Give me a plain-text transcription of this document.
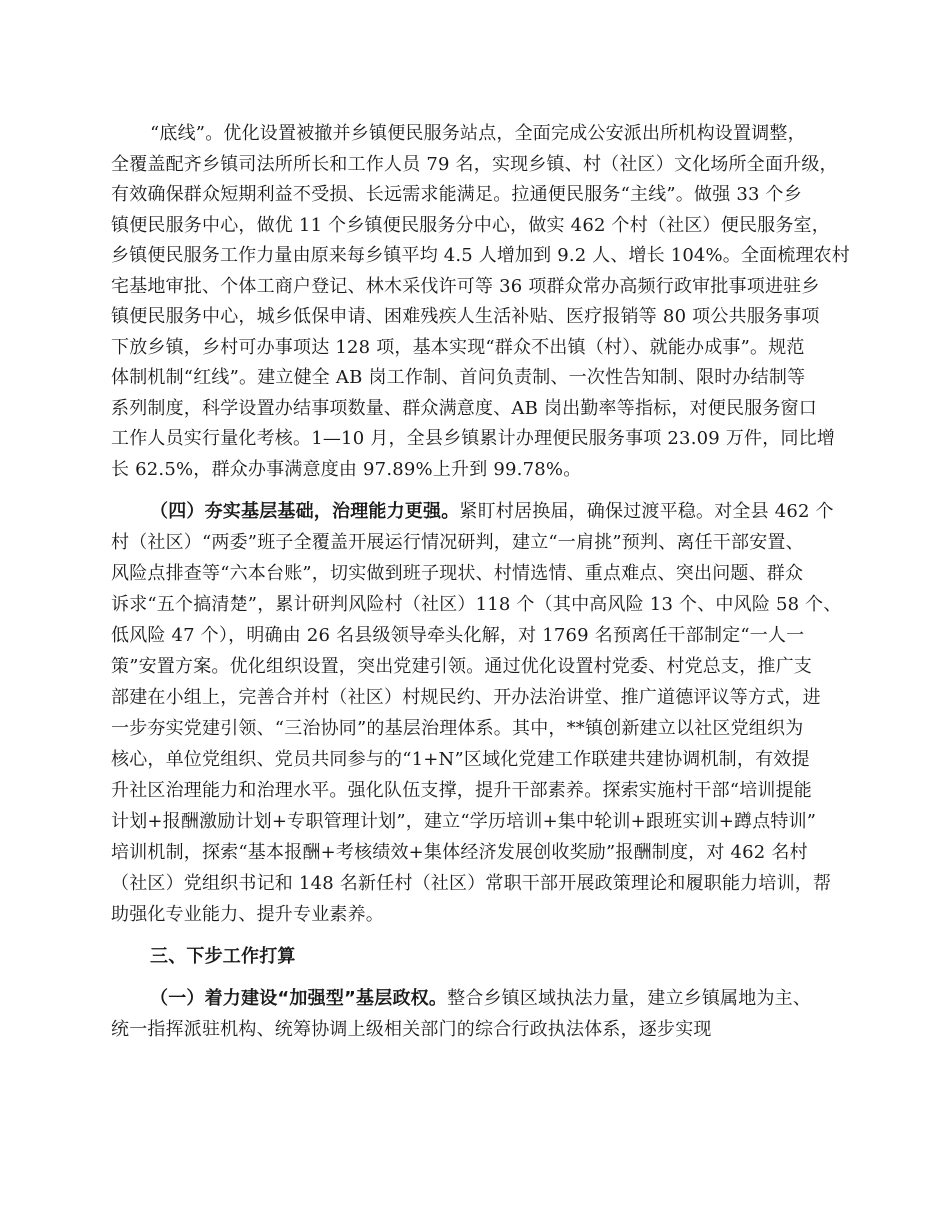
“底线”。优化设置被撤并乡镇便民服务站点，全面完成公安派出所机构设置调整，
全覆盖配齐乡镇司法所所长和工作人员 79 名，实现乡镇、村（社区）文化场所全面升级，
有效确保群众短期利益不受损、长远需求能满足。拉通便民服务“主线”。做强 33 个乡
镇便民服务中心，做优 11 个乡镇便民服务分中心，做实 462 个村（社区）便民服务室，
乡镇便民服务工作力量由原来每乡镇平均 4.5 人增加到 9.2 人、增长 104%。全面梳理农村
宅基地审批、个体工商户登记、林木采伐许可等 36 项群众常办高频行政审批事项进驻乡
镇便民服务中心，城乡低保申请、困难残疾人生活补贴、医疗报销等 80 项公共服务事项
下放乡镇，乡村可办事项达 128 项，基本实现“群众不出镇（村）、就能办成事”。规范
体制机制“红线”。建立健全 AB 岗工作制、首问负责制、一次性告知制、限时办结制等
系列制度，科学设置办结事项数量、群众满意度、AB 岗出勤率等指标，对便民服务窗口
工作人员实行量化考核。1—10 月，全县乡镇累计办理便民服务事项 23.09 万件，同比增
长 62.5%，群众办事满意度由 97.89%上升到 99.78%。
（四）夯实基层基础，治理能力更强。紧盯村居换届，确保过渡平稳。对全县 462 个
村（社区）“两委”班子全覆盖开展运行情况研判，建立“一肩挑”预判、离任干部安置、
风险点排查等“六本台账”，切实做到班子现状、村情选情、重点难点、突出问题、群众
诉求“五个搞清楚”，累计研判风险村（社区）118 个（其中高风险 13 个、中风险 58 个、
低风险 47 个），明确由 26 名县级领导牵头化解，对 1769 名预离任干部制定“一人一
策”安置方案。优化组织设置，突出党建引领。通过优化设置村党委、村党总支，推广支
部建在小组上，完善合并村（社区）村规民约、开办法治讲堂、推广道德评议等方式，进
一步夯实党建引领、“三治协同”的基层治理体系。其中，**镇创新建立以社区党组织为
核心，单位党组织、党员共同参与的“1+N”区域化党建工作联建共建协调机制，有效提
升社区治理能力和治理水平。强化队伍支撑，提升干部素养。探索实施村干部“培训提能
计划+报酬激励计划+专职管理计划”，建立“学历培训+集中轮训+跟班实训+蹲点特训”
培训机制，探索“基本报酬+考核绩效+集体经济发展创收奖励”报酬制度，对 462 名村
（社区）党组织书记和 148 名新任村（社区）常职干部开展政策理论和履职能力培训，帮
助强化专业能力、提升专业素养。
三、下步工作打算
（一）着力建设“加强型”基层政权。整合乡镇区域执法力量，建立乡镇属地为主、
统一指挥派驻机构、统筹协调上级相关部门的综合行政执法体系，逐步实现
